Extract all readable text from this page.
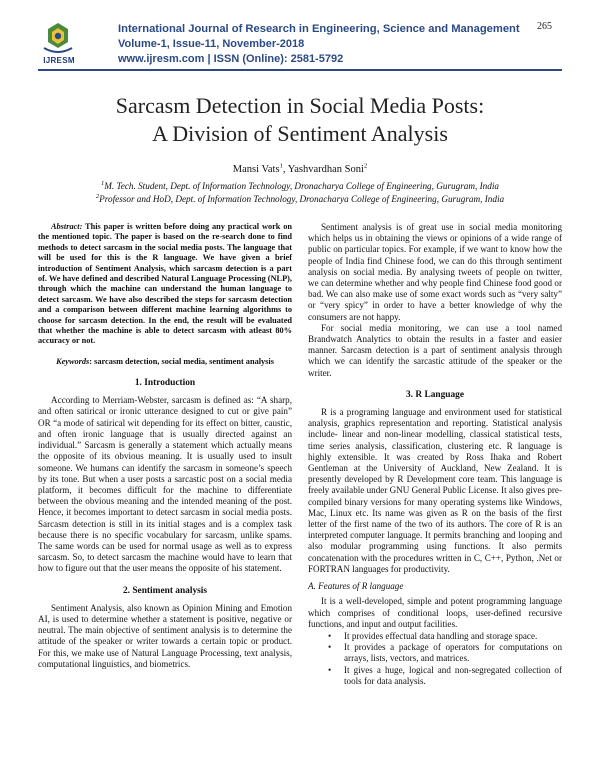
IJRESM
International Journal of Research in Engineering, Science and Management
Volume-1, Issue-11, November-2018
www.ijresm.com | ISSN (Online): 2581-5792
265
Sarcasm Detection in Social Media Posts:
A Division of Sentiment Analysis
Mansi Vats$^1$, Yashvardhan Soni$^2$
$^1$M. Tech. Student, Dept. of Information Technology, Dronacharya College of Engineering, Gurugram, India
$^2$Professor and HoD, Dept. of Information Technology, Dronacharya College of Engineering, Gurugram, India

Abstract: This paper is written before doing any practical work on the mentioned topic. The paper is based on the re-search done to find methods to detect sarcasm in the social media posts. The language that will be used for this is the R language. We have given a brief introduction of Sentiment Analysis, which sarcasm detection is a part of. We have defined and described Natural Language Processing (NLP), through which the machine can understand the human language to detect sarcasm. We have also described the steps for sarcasm detection and a comparison between different machine learning algorithms to choose for sarcasm detection. In the end, the result will be evaluated that whether the machine is able to detect sarcasm with atleast 80% accuracy or not.

Keywords: sarcasm detection, social media, sentiment analysis

1. Introduction

According to Merriam-Webster, sarcasm is defined as: “A sharp, and often satirical or ironic utterance designed to cut or give pain” OR “a mode of satirical wit depending for its effect on bitter, caustic, and often ironic language that is usually directed against an individual.” Sarcasm is generally a statement which actually means the opposite of its obvious meaning. It is usually used to insult someone. We humans can identify the sarcasm in someone’s speech by its tone. But when a user posts a sarcastic post on a social media platform, it becomes difficult for the machine to differentiate between the obvious meaning and the intended meaning of the post. Hence, it becomes important to detect sarcasm in social media posts. Sarcasm detection is still in its initial stages and is a complex task because there is no specific vocabulary for sarcasm, unlike spams. The same words can be used for normal usage as well as to express sarcasm. So, to detect sarcasm the machine would have to learn that how to figure out that the user means the opposite of his statement.

2. Sentiment analysis

Sentiment Analysis, also known as Opinion Mining and Emotion AI, is used to determine whether a statement is positive, negative or neutral. The main objective of sentiment analysis is to determine the attitude of the speaker or writer towards a certain topic or product. For this, we make use of Natural Language Processing, text analysis, computational linguistics, and biometrics.

Sentiment analysis is of great use in social media monitoring which helps us in obtaining the views or opinions of a wide range of public on particular topics. For example, if we want to know how the people of India find Chinese food, we can do this through sentiment analysis on social media. By analysing tweets of people on twitter, we can determine whether and why people find Chinese food good or bad. We can also make use of some exact words such as “very salty” or “very spicy” in order to have a better knowledge of why the consumers are not happy.

For social media monitoring, we can use a tool named Brandwatch Analytics to obtain the results in a faster and easier manner. Sarcasm detection is a part of sentiment analysis through which we can identify the sarcastic attitude of the speaker or the writer.

3. R Language

R is a programing language and environment used for statistical analysis, graphics representation and reporting. Statistical analysis include- linear and non-linear modelling, classical statistical tests, time series analysis, classification, clustering etc. R language is highly extensible. It was created by Ross Ihaka and Robert Gentleman at the University of Auckland, New Zealand. It is presently developed by R Development core team. This language is freely available under GNU General Public License. It also gives pre-compiled binary versions for many operating systems like Windows, Mac, Linux etc. Its name was given as R on the basis of the first letter of the first name of the two of its authors. The core of R is an interpreted computer language. It permits branching and looping and also modular programming using functions. It also permits concatenation with the procedures written in C, C++, Python, .Net or FORTRAN languages for productivity.

A. Features of R language

It is a well-developed, simple and potent programming language which comprises of conditional loops, user-defined recursive functions, and input and output facilities.

• It provides effectual data handling and storage space.
• It provides a package of operators for computations on arrays, lists, vectors, and matrices.
• It gives a huge, logical and non-segregated collection of tools for data analysis.
